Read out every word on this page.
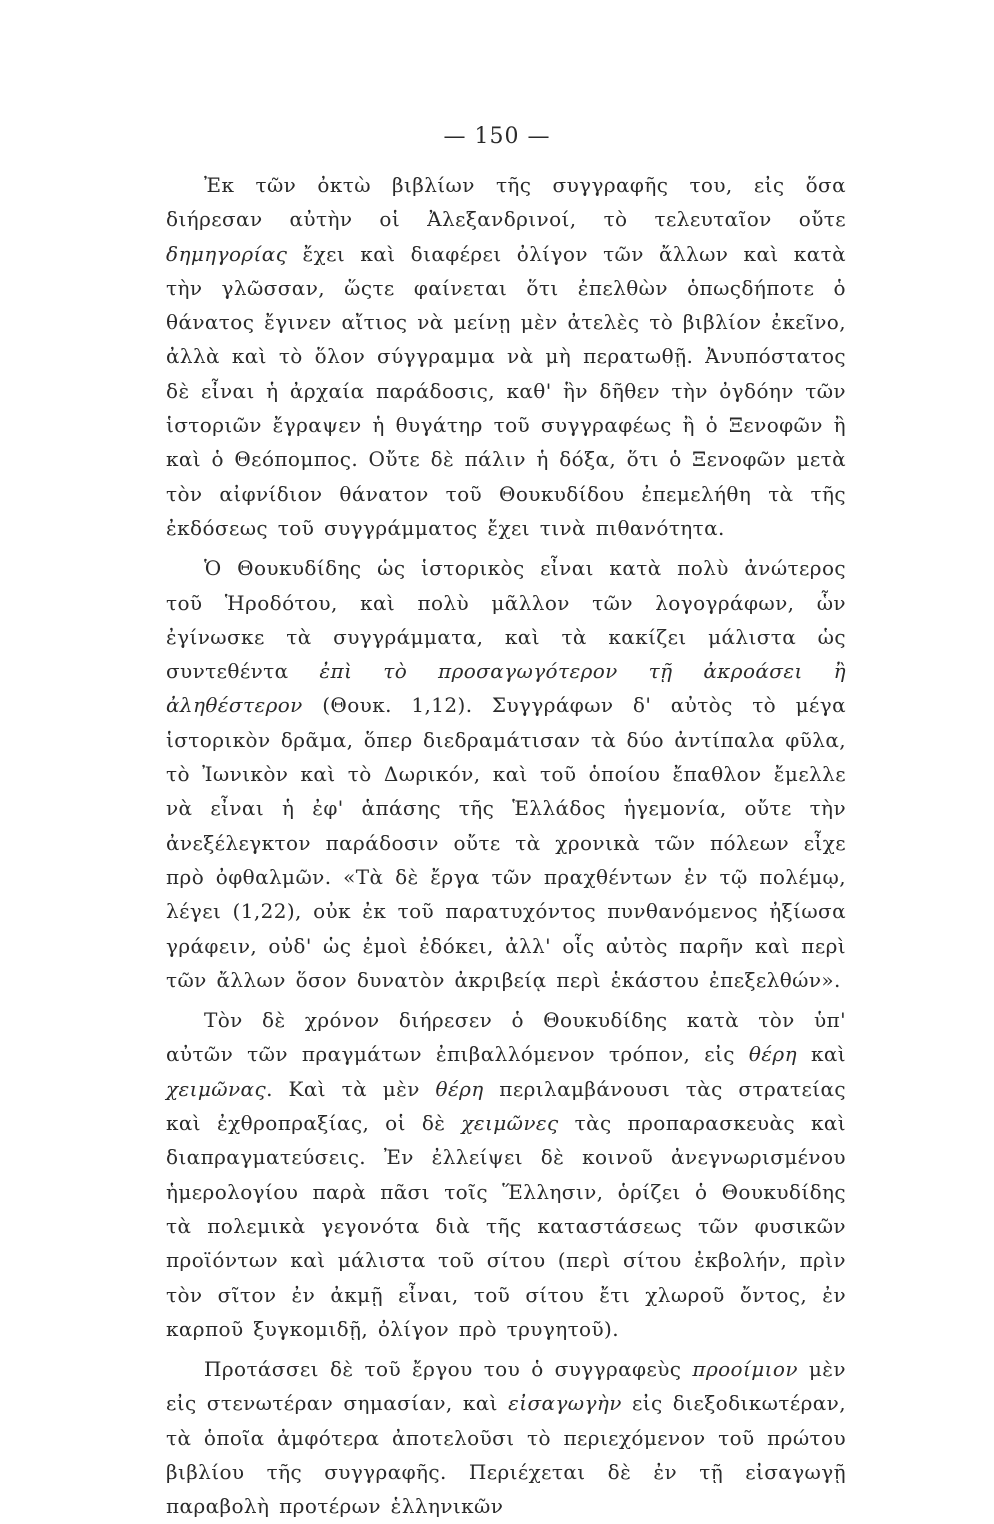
— 150 —

Ἐκ τῶν ὀκτὼ βιβλίων τῆς συγγραφῆς του, εἰς ὅσα διήρεσαν αὐτὴν οἱ Ἀλεξανδρινοί, τὸ τελευταῖον οὔτε δημηγορίας ἔχει καὶ διαφέρει ὀλίγον τῶν ἄλλων καὶ κατὰ τὴν γλῶσσαν, ὥςτε φαίνεται ὅτι ἐπελθὼν ὁπωςδήποτε ὁ θάνατος ἔγινεν αἴτιος νὰ μείνῃ μὲν ἀτελὲς τὸ βιβλίον ἐκεῖνο, ἀλλὰ καὶ τὸ ὅλον σύγγραμμα νὰ μὴ περατωθῇ. Ἀνυπόστατος δὲ εἶναι ἡ ἀρχαία παράδοσις, καθ' ἣν δῆθεν τὴν ὀγδόην τῶν ἱστοριῶν ἔγραψεν ἡ θυγάτηρ τοῦ συγγραφέως ἢ ὁ Ξενοφῶν ἢ καὶ ὁ Θεόπομπος. Οὔτε δὲ πάλιν ἡ δόξα, ὅτι ὁ Ξενοφῶν μετὰ τὸν αἰφνίδιον θάνατον τοῦ Θουκυδίδου ἐπεμελήθη τὰ τῆς ἐκδόσεως τοῦ συγγράμματος ἔχει τινὰ πιθανότητα.

Ὁ Θουκυδίδης ὡς ἱστορικὸς εἶναι κατὰ πολὺ ἀνώτερος τοῦ Ἡροδότου, καὶ πολὺ μᾶλλον τῶν λογογράφων, ὧν ἐγίνωσκε τὰ συγγράμματα, καὶ τὰ κακίζει μάλιστα ὡς συντεθέντα ἐπὶ τὸ προσαγωγότερον τῇ ἀκροάσει ἢ ἀληθέστερον (Θουκ. 1,12). Συγγράφων δ' αὐτὸς τὸ μέγα ἱστορικὸν δρᾶμα, ὅπερ διεδραμάτισαν τὰ δύο ἀντίπαλα φῦλα, τὸ Ἰωνικὸν καὶ τὸ Δωρικόν, καὶ τοῦ ὁποίου ἔπαθλον ἔμελλε νὰ εἶναι ἡ ἐφ' ἁπάσης τῆς Ἑλλάδος ἡγεμονία, οὔτε τὴν ἀνεξέλεγκτον παράδοσιν οὔτε τὰ χρονικὰ τῶν πόλεων εἶχε πρὸ ὀφθαλμῶν. «Τὰ δὲ ἔργα τῶν πραχθέντων ἐν τῷ πολέμῳ, λέγει (1,22), οὐκ ἐκ τοῦ παρατυχόντος πυνθανόμενος ἠξίωσα γράφειν, οὐδ' ὡς ἐμοὶ ἐδόκει, ἀλλ' οἷς αὐτὸς παρῆν καὶ περὶ τῶν ἄλλων ὅσον δυνατὸν ἀκριβείᾳ περὶ ἑκάστου ἐπεξελθών».

Τὸν δὲ χρόνον διήρεσεν ὁ Θουκυδίδης κατὰ τὸν ὑπ' αὐτῶν τῶν πραγμάτων ἐπιβαλλόμενον τρόπον, εἰς θέρη καὶ χειμῶνας. Καὶ τὰ μὲν θέρη περιλαμβάνουσι τὰς στρατείας καὶ ἐχθροπραξίας, οἱ δὲ χειμῶνες τὰς προπαρασκευὰς καὶ διαπραγματεύσεις. Ἐν ἐλλείψει δὲ κοινοῦ ἀνεγνωρισμένου ἡμερολογίου παρὰ πᾶσι τοῖς Ἕλλησιν, ὁρίζει ὁ Θουκυδίδης τὰ πολεμικὰ γεγονότα διὰ τῆς καταστάσεως τῶν φυσικῶν προϊόντων καὶ μάλιστα τοῦ σίτου (περὶ σίτου ἐκβολήν, πρὶν τὸν σῖτον ἐν ἀκμῇ εἶναι, τοῦ σίτου ἔτι χλωροῦ ὄντος, ἐν καρποῦ ξυγκομιδῇ, ὀλίγον πρὸ τρυγητοῦ).

Προτάσσει δὲ τοῦ ἔργου του ὁ συγγραφεὺς προοίμιον μὲν εἰς στενωτέραν σημασίαν, καὶ εἰσαγωγὴν εἰς διεξοδικωτέραν, τὰ ὁποῖα ἀμφότερα ἀποτελοῦσι τὸ περιεχόμενον τοῦ πρώτου βιβλίου τῆς συγγραφῆς. Περιέχεται δὲ ἐν τῇ εἰσαγωγῇ παραβολὴ προτέρων ἑλληνικῶν
